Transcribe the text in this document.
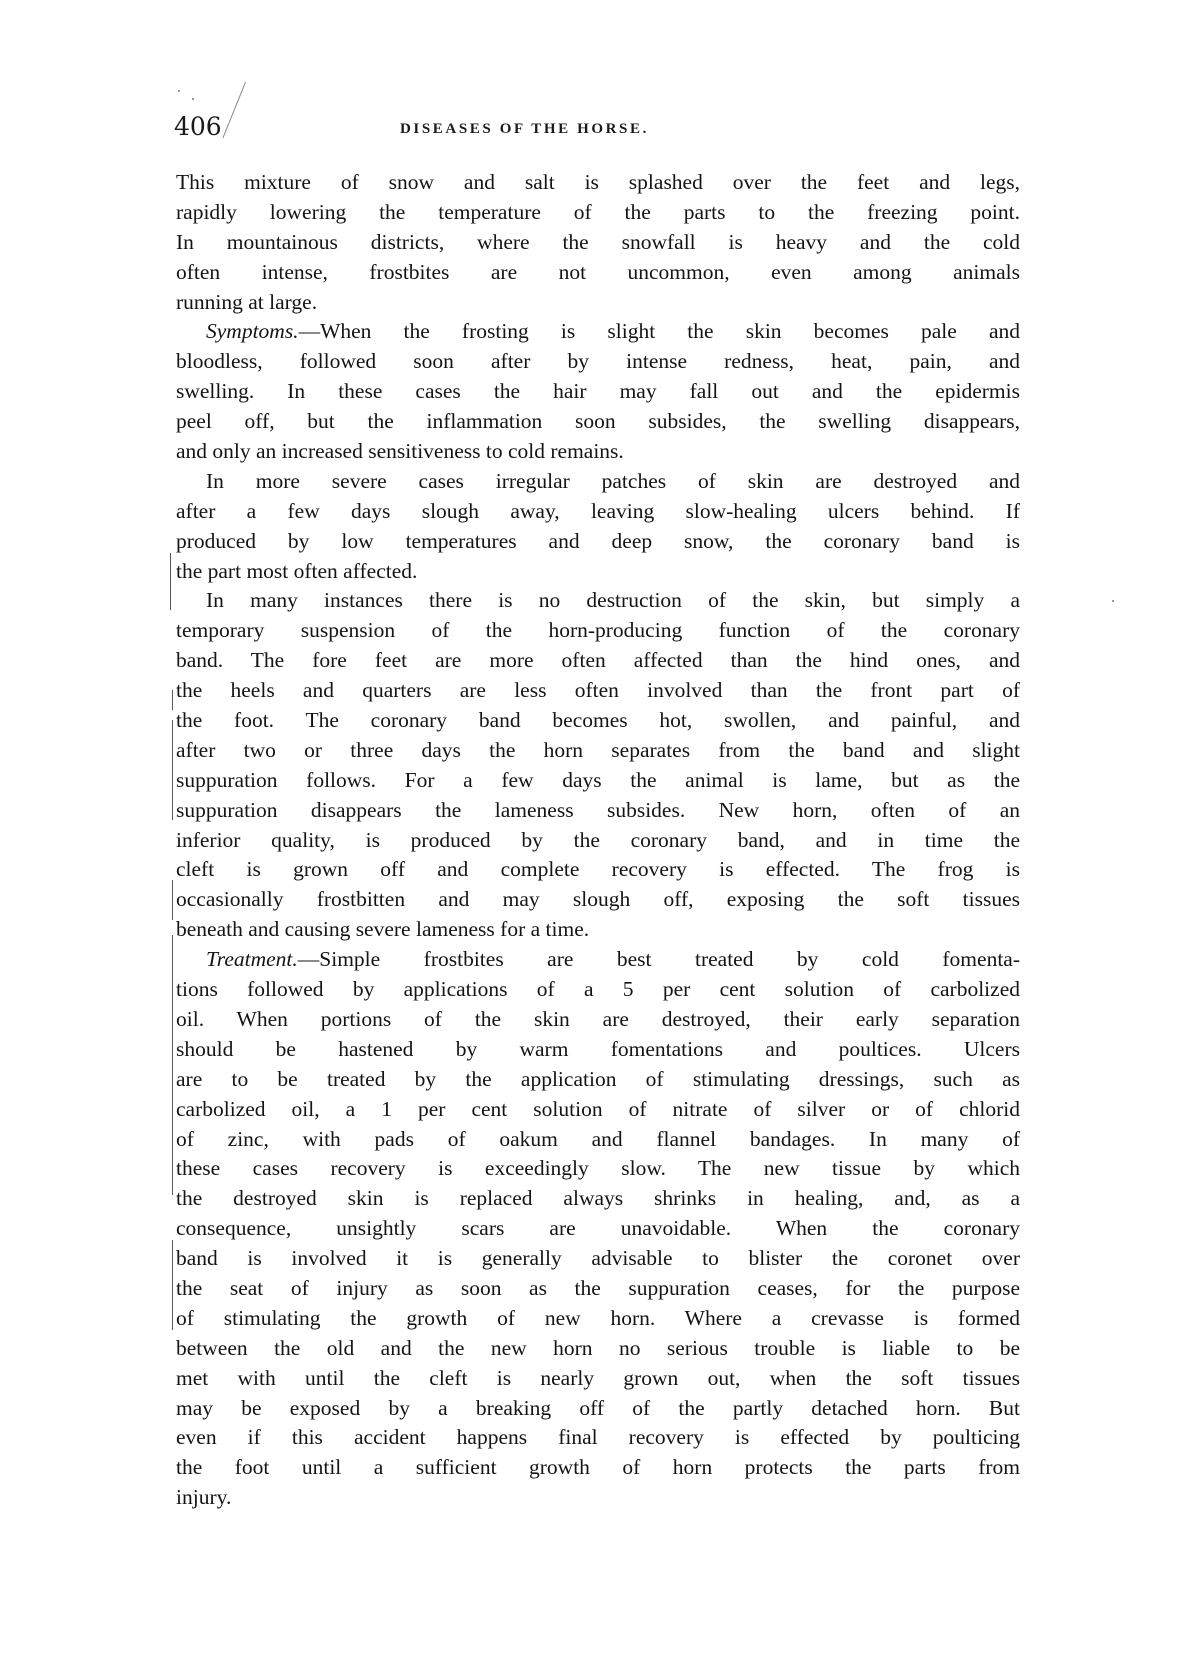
406	DISEASES OF THE HORSE.
This mixture of snow and salt is splashed over the feet and legs,
rapidly lowering the temperature of the parts to the freezing point.
In mountainous districts, where the snowfall is heavy and the cold
often intense, frostbites are not uncommon, even among animals
running at large.
Symptoms.—When the frosting is slight the skin becomes pale and
bloodless, followed soon after by intense redness, heat, pain, and
swelling. In these cases the hair may fall out and the epidermis
peel off, but the inflammation soon subsides, the swelling disappears,
and only an increased sensitiveness to cold remains.
In more severe cases irregular patches of skin are destroyed and
after a few days slough away, leaving slow-healing ulcers behind. If
produced by low temperatures and deep snow, the coronary band is
the part most often affected.
In many instances there is no destruction of the skin, but simply a
temporary suspension of the horn-producing function of the coronary
band. The fore feet are more often affected than the hind ones, and
the heels and quarters are less often involved than the front part of
the foot. The coronary band becomes hot, swollen, and painful, and
after two or three days the horn separates from the band and slight
suppuration follows. For a few days the animal is lame, but as the
suppuration disappears the lameness subsides. New horn, often of an
inferior quality, is produced by the coronary band, and in time the
cleft is grown off and complete recovery is effected. The frog is
occasionally frostbitten and may slough off, exposing the soft tissues
beneath and causing severe lameness for a time.
Treatment.—Simple frostbites are best treated by cold fomenta-
tions followed by applications of a 5 per cent solution of carbolized
oil. When portions of the skin are destroyed, their early separation
should be hastened by warm fomentations and poultices. Ulcers
are to be treated by the application of stimulating dressings, such as
carbolized oil, a 1 per cent solution of nitrate of silver or of chlorid
of zinc, with pads of oakum and flannel bandages. In many of
these cases recovery is exceedingly slow. The new tissue by which
the destroyed skin is replaced always shrinks in healing, and, as a
consequence, unsightly scars are unavoidable. When the coronary
band is involved it is generally advisable to blister the coronet over
the seat of injury as soon as the suppuration ceases, for the purpose
of stimulating the growth of new horn. Where a crevasse is formed
between the old and the new horn no serious trouble is liable to be
met with until the cleft is nearly grown out, when the soft tissues
may be exposed by a breaking off of the partly detached horn. But
even if this accident happens final recovery is effected by poulticing
the foot until a sufficient growth of horn protects the parts from
injury.
